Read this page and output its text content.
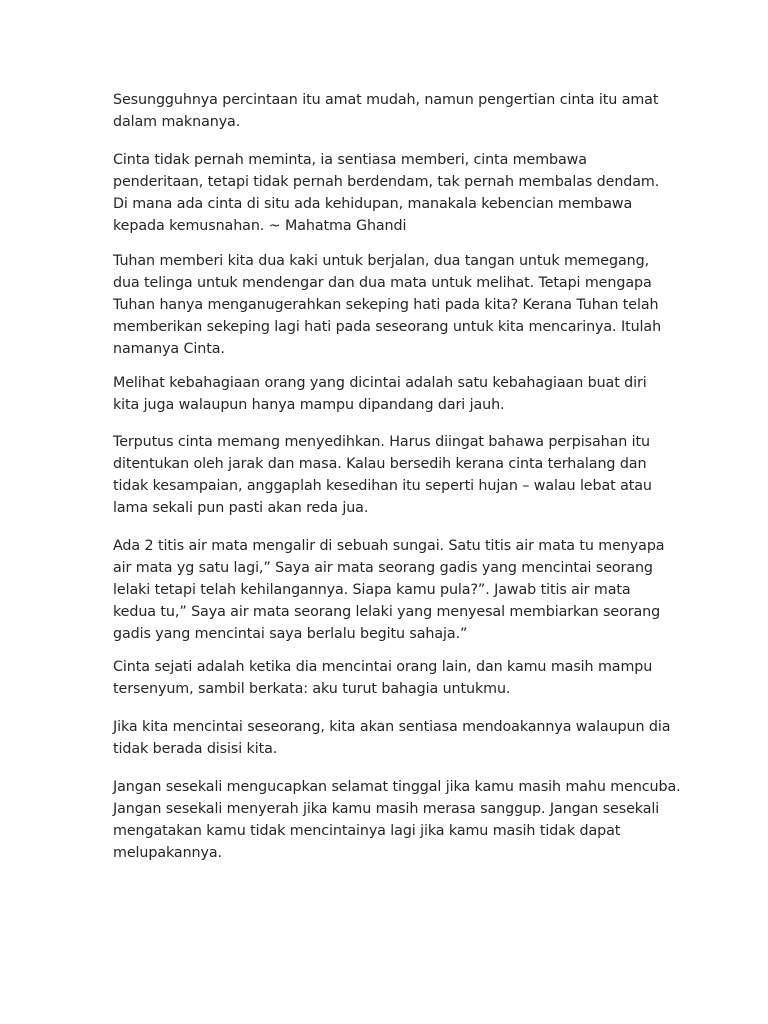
Sesungguhnya percintaan itu amat mudah, namun pengertian cinta itu amat
dalam maknanya.

Cinta tidak pernah meminta, ia sentiasa memberi, cinta membawa
penderitaan, tetapi tidak pernah berdendam, tak pernah membalas dendam.
Di mana ada cinta di situ ada kehidupan, manakala kebencian membawa
kepada kemusnahan. ~ Mahatma Ghandi

Tuhan memberi kita dua kaki untuk berjalan, dua tangan untuk memegang,
dua telinga untuk mendengar dan dua mata untuk melihat. Tetapi mengapa
Tuhan hanya menganugerahkan sekeping hati pada kita? Kerana Tuhan telah
memberikan sekeping lagi hati pada seseorang untuk kita mencarinya. Itulah
namanya Cinta.

Melihat kebahagiaan orang yang dicintai adalah satu kebahagiaan buat diri
kita juga walaupun hanya mampu dipandang dari jauh.

Terputus cinta memang menyedihkan. Harus diingat bahawa perpisahan itu
ditentukan oleh jarak dan masa. Kalau bersedih kerana cinta terhalang dan
tidak kesampaian, anggaplah kesedihan itu seperti hujan – walau lebat atau
lama sekali pun pasti akan reda jua.

Ada 2 titis air mata mengalir di sebuah sungai. Satu titis air mata tu menyapa
air mata yg satu lagi,” Saya air mata seorang gadis yang mencintai seorang
lelaki tetapi telah kehilangannya. Siapa kamu pula?”. Jawab titis air mata
kedua tu,” Saya air mata seorang lelaki yang menyesal membiarkan seorang
gadis yang mencintai saya berlalu begitu sahaja.”

Cinta sejati adalah ketika dia mencintai orang lain, dan kamu masih mampu
tersenyum, sambil berkata: aku turut bahagia untukmu.

Jika kita mencintai seseorang, kita akan sentiasa mendoakannya walaupun dia
tidak berada disisi kita.

Jangan sesekali mengucapkan selamat tinggal jika kamu masih mahu mencuba.
Jangan sesekali menyerah jika kamu masih merasa sanggup. Jangan sesekali
mengatakan kamu tidak mencintainya lagi jika kamu masih tidak dapat
melupakannya.
